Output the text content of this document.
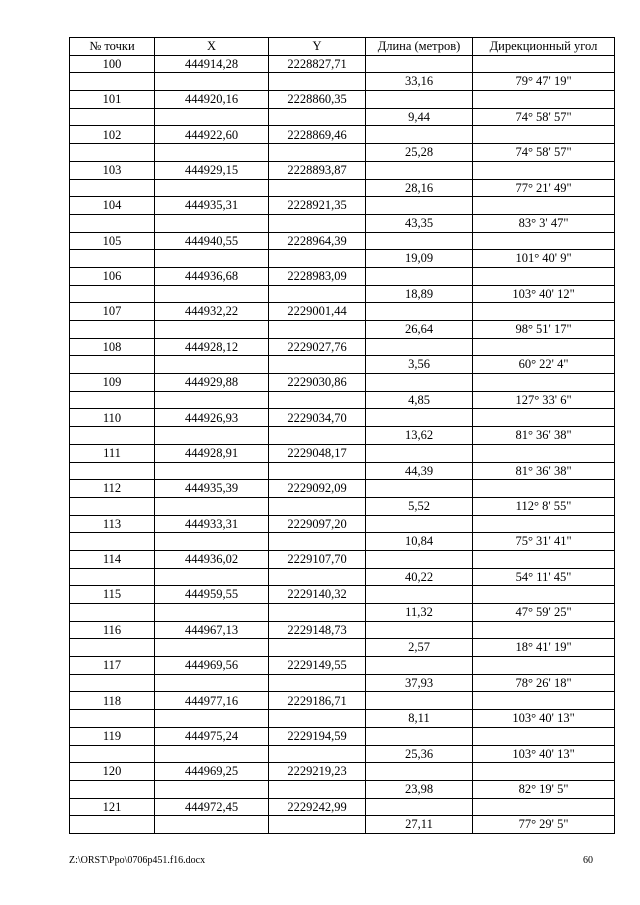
№ точки	X	Y	Длина (метров)	Дирекционный угол
100	444914,28	2228827,71		
			33,16	79° 47' 19"
101	444920,16	2228860,35		
			9,44	74° 58' 57"
102	444922,60	2228869,46		
			25,28	74° 58' 57"
103	444929,15	2228893,87		
			28,16	77° 21' 49"
104	444935,31	2228921,35		
			43,35	83° 3' 47"
105	444940,55	2228964,39		
			19,09	101° 40' 9"
106	444936,68	2228983,09		
			18,89	103° 40' 12"
107	444932,22	2229001,44		
			26,64	98° 51' 17"
108	444928,12	2229027,76		
			3,56	60° 22' 4"
109	444929,88	2229030,86		
			4,85	127° 33' 6"
110	444926,93	2229034,70		
			13,62	81° 36' 38"
111	444928,91	2229048,17		
			44,39	81° 36' 38"
112	444935,39	2229092,09		
			5,52	112° 8' 55"
113	444933,31	2229097,20		
			10,84	75° 31' 41"
114	444936,02	2229107,70		
			40,22	54° 11' 45"
115	444959,55	2229140,32		
			11,32	47° 59' 25"
116	444967,13	2229148,73		
			2,57	18° 41' 19"
117	444969,56	2229149,55		
			37,93	78° 26' 18"
118	444977,16	2229186,71		
			8,11	103° 40' 13"
119	444975,24	2229194,59		
			25,36	103° 40' 13"
120	444969,25	2229219,23		
			23,98	82° 19' 5"
121	444972,45	2229242,99		
			27,11	77° 29' 5"
Z:\ORST\Ppo\0706p451.f16.docx	60
